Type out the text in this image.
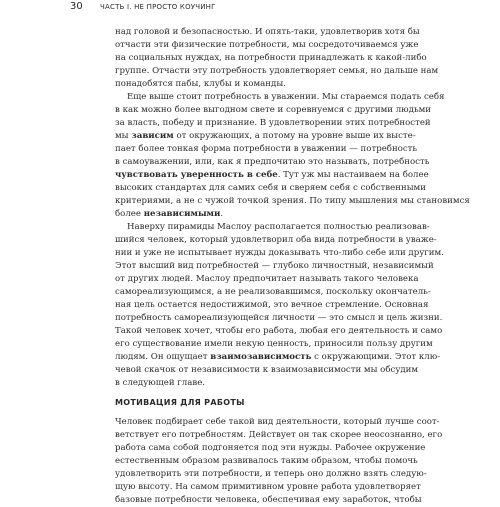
30 ЧАСТЬ I. НЕ ПРОСТО КОУЧИНГ
над головой и безопасностью. И опять-таки, удовлетворив хотя бы
отчасти эти физические потребности, мы сосредоточиваемся уже
на социальных нуждах, на потребности принадлежать к какой-либо
группе. Отчасти эту потребность удовлетворяет семья, но дальше нам
понадобятся пабы, клубы и команды.
Еще выше стоит потребность в уважении. Мы стараемся подать себя
в как можно более выгодном свете и соревнуемся с другими людьми
за власть, победу и признание. В удовлетворении этих потребностей
мы зависим от окружающих, а потому на уровне выше их выстe-
пает более тонкая форма потребности в уважении — потребность
в самоуважении, или, как я предпочитаю это называть, потребность
чувствовать уверенность в себе. Тут уж мы настаиваем на более
высоких стандартах для самих себя и сверяем себя с собственными
критериями, а не с чужой точкой зрения. По типу мышления мы становимся
более независимыми.
Наверху пирамиды Маслоу располагается полностью реализовав-
шийся человек, который удовлетворил оба вида потребности в уваже-
нии и уже не испытывает нужды доказывать что-либо себе или другим.
Этот высший вид потребностей — глубоко личностный, независимый
от других людей. Маслоу предпочитает называть такого человека
самореализующимся, а не реализовавшимся, поскольку окончатель-
ная цель остается недостижимой, это вечное стремление. Основная
потребность самореализующейся личности — это смысл и цель жизни.
Такой человек хочет, чтобы его работа, любая его деятельность и само
его существование имели некую ценность, приносили пользу другим
людям. Он ощущает взаимозависимость с окружающими. Этот клю-
чевой скачок от независимости к взаимозависимости мы обсудим
в следующей главе.
МОТИВАЦИЯ ДЛЯ РАБОТЫ
Человек подбирает себе такой вид деятельности, который лучше соот-
ветствует его потребностям. Действует он так скорее неосознанно, его
работа сама собой подгоняется под эти нужды. Рабочее окружение
естественным образом развивалось таким образом, чтобы помочь
удовлетворить эти потребности, и теперь оно должно взять следую-
щую высоту. На самом примитивном уровне работа удовлетворяет
базовые потребности человека, обеспечивая ему заработок, чтобы
